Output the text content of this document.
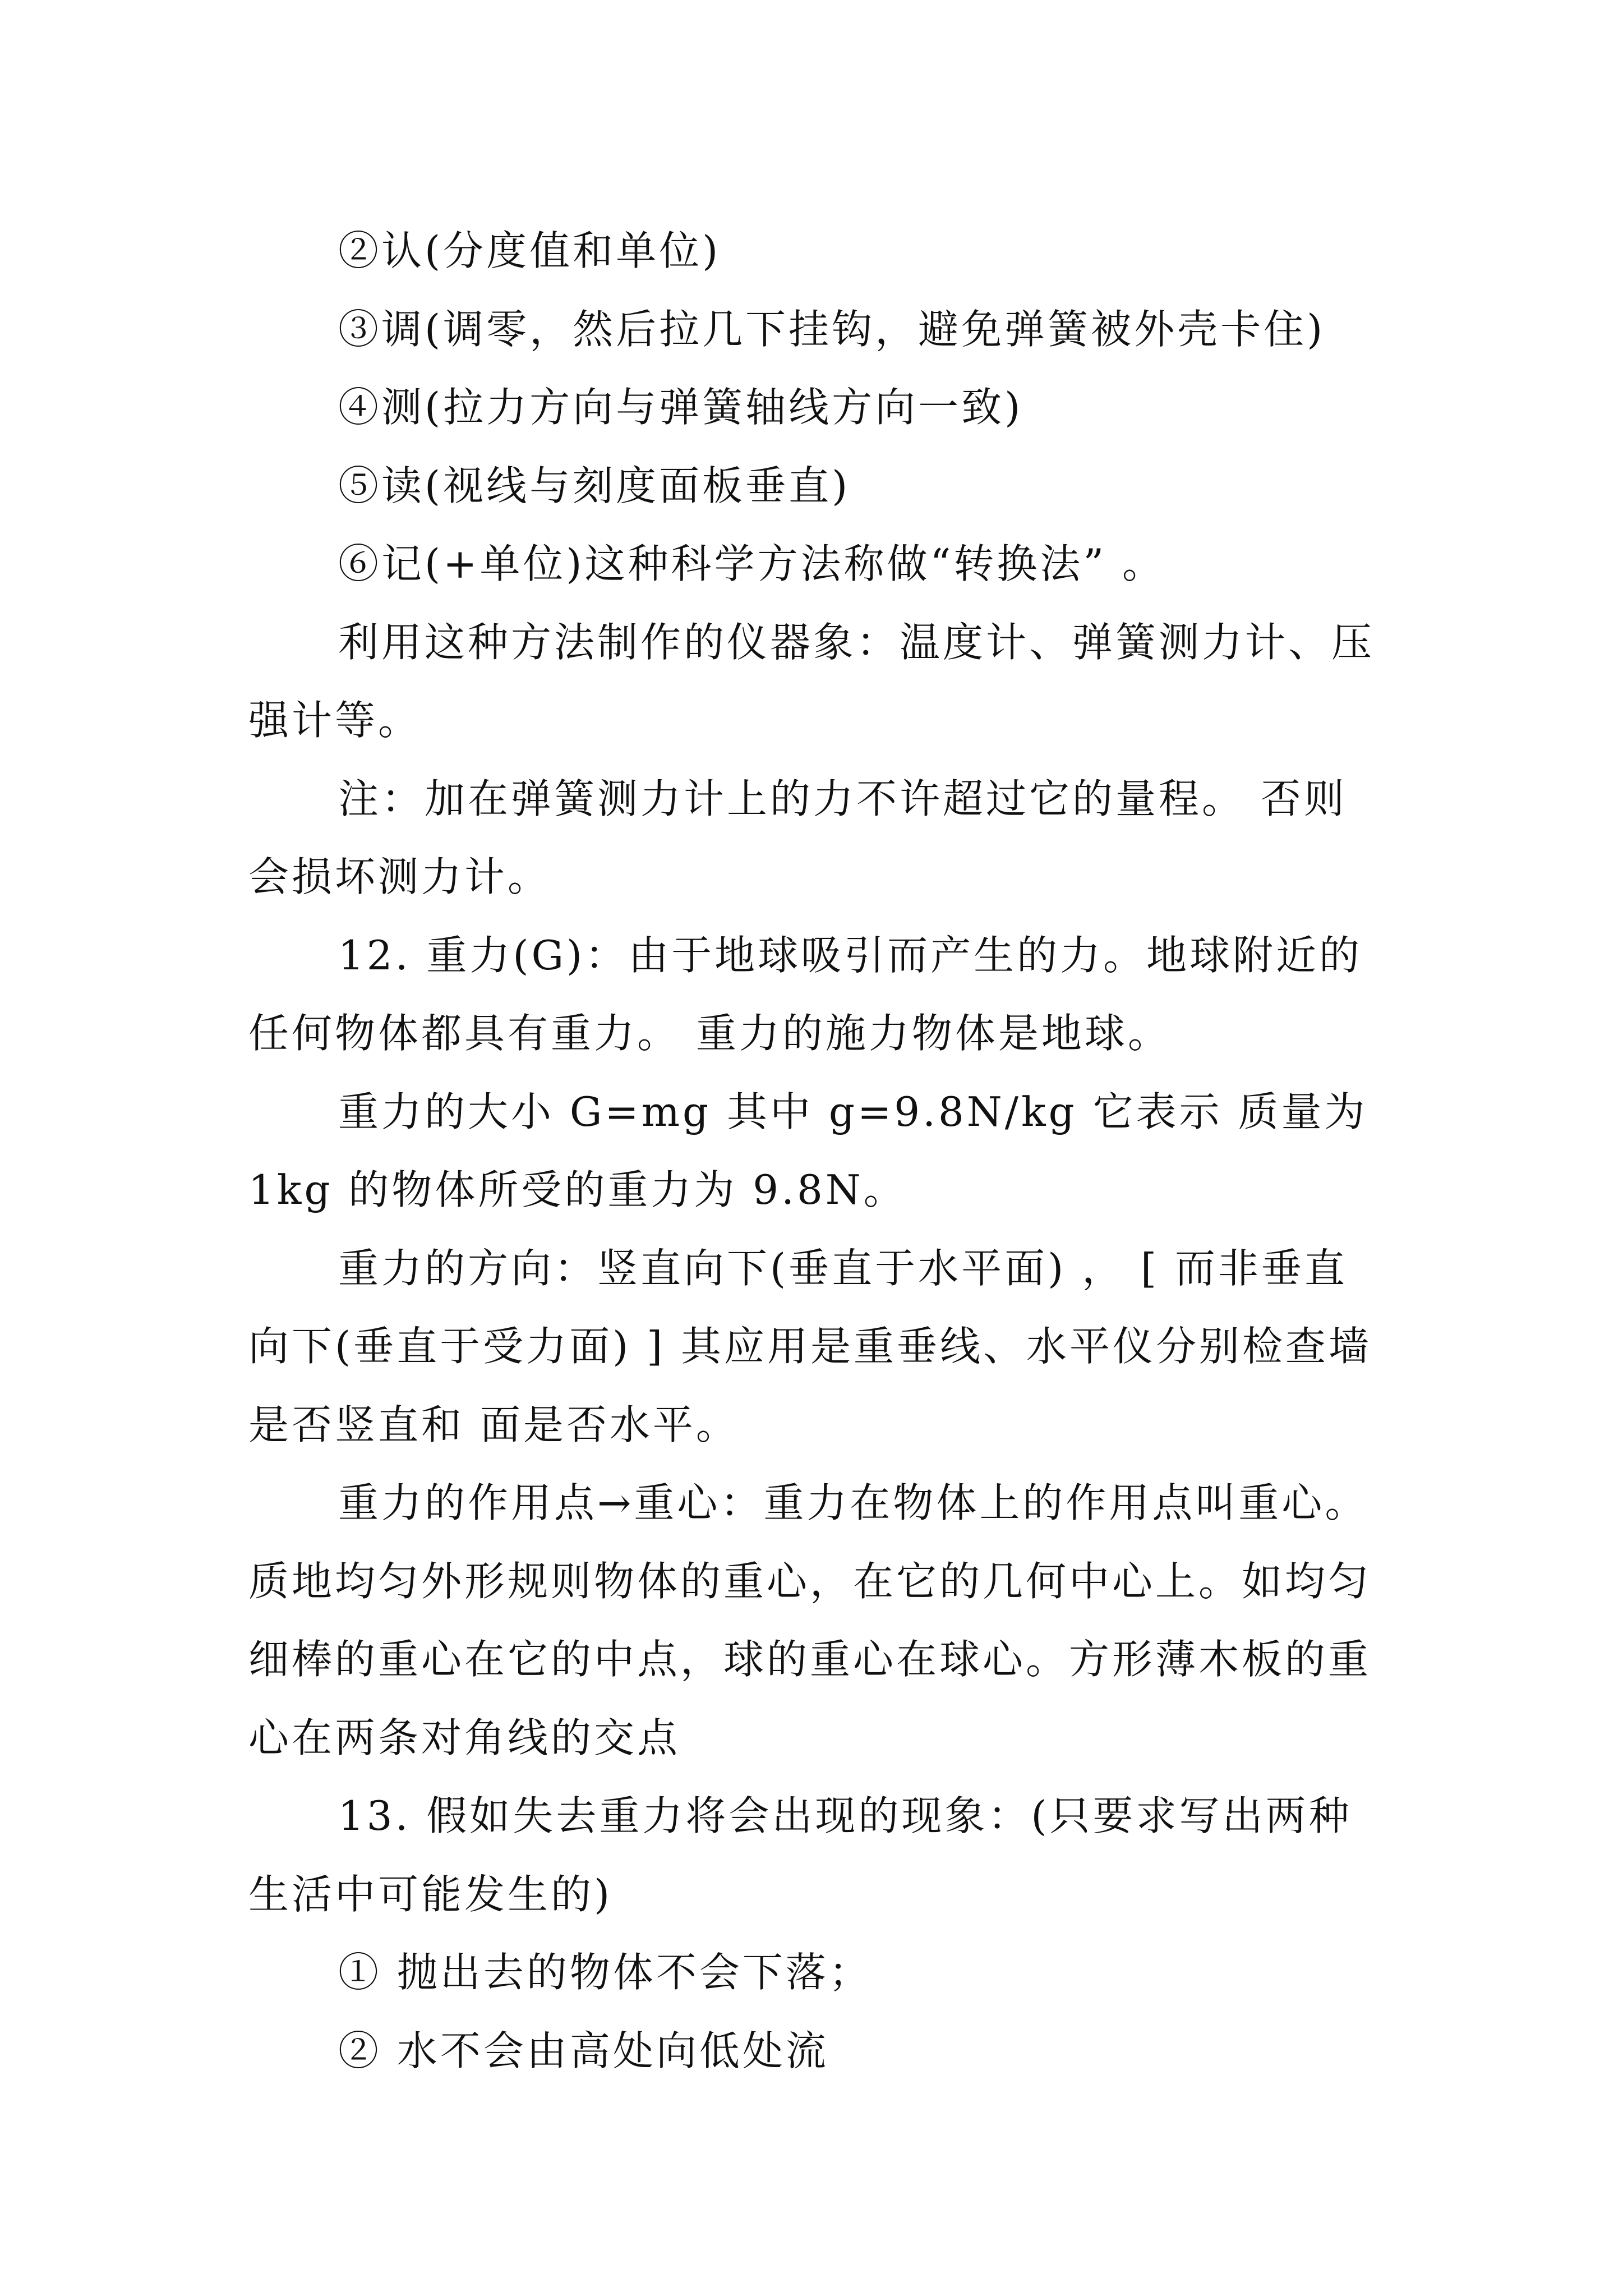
②认(分度值和单位)

③调(调零，然后拉几下挂钩，避免弹簧被外壳卡住)

④测(拉力方向与弹簧轴线方向一致)

⑤读(视线与刻度面板垂直)

⑥记(+单位)这种科学方法称做“转换法” 。

利用这种方法制作的仪器象：温度计、弹簧测力计、压强计等。

注：加在弹簧测力计上的力不许超过它的量程。 否则会损坏测力计。

12. 重力(G)：由于地球吸引而产生的力。地球附近的任何物体都具有重力。 重力的施力物体是地球。

重力的大小 G=mg 其中 g=9.8N/kg 它表示 质量为 1kg 的物体所受的重力为 9.8N。

重力的方向：竖直向下(垂直于水平面) ， [ 而非垂直向下(垂直于受力面) ] 其应用是重垂线、水平仪分别检查墙是否竖直和 面是否水平。

重力的作用点→重心：重力在物体上的作用点叫重心。质地均匀外形规则物体的重心，在它的几何中心上。如均匀细棒的重心在它的中点，球的重心在球心。方形薄木板的重心在两条对角线的交点

13. 假如失去重力将会出现的现象：(只要求写出两种生活中可能发生的)

① 抛出去的物体不会下落；

② 水不会由高处向低处流
